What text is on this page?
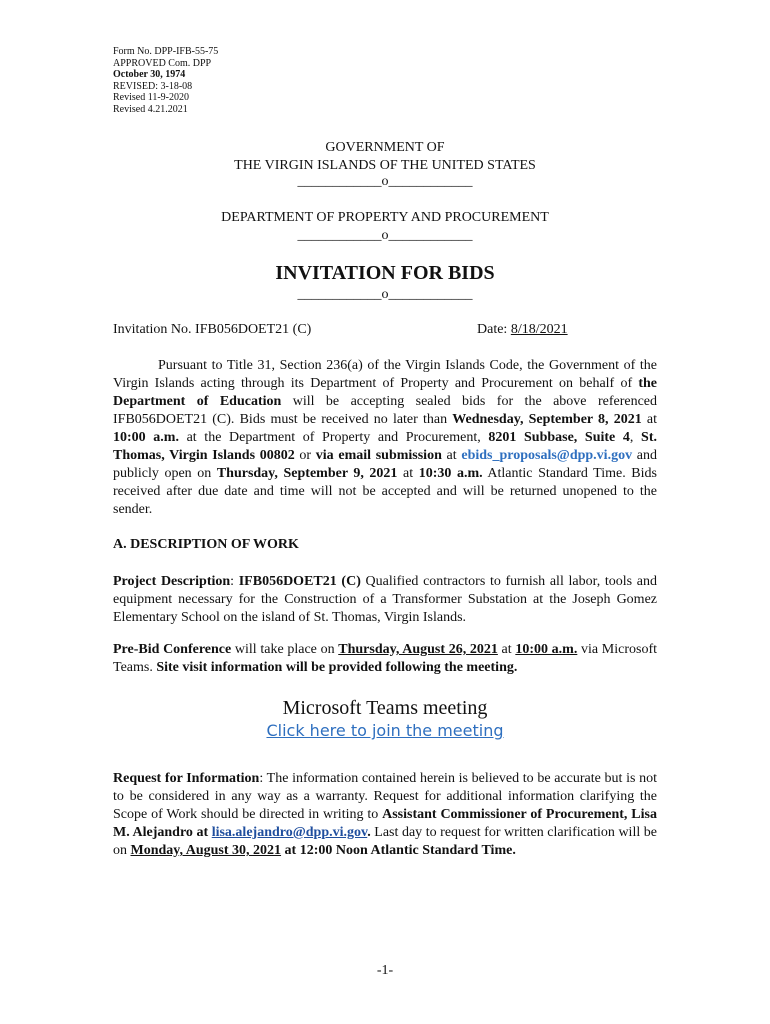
Form No. DPP-IFB-55-75
APPROVED Com. DPP
October 30, 1974
REVISED: 3-18-08
Revised 11-9-2020
Revised 4.21.2021
GOVERNMENT OF
THE VIRGIN ISLANDS OF THE UNITED STATES
____________o____________
DEPARTMENT OF PROPERTY AND PROCUREMENT
____________o____________
INVITATION FOR BIDS
____________o____________
Invitation No. IFB056DOET21 (C)	Date: 8/18/2021
Pursuant to Title 31, Section 236(a) of the Virgin Islands Code, the Government of the Virgin Islands acting through its Department of Property and Procurement on behalf of the Department of Education will be accepting sealed bids for the above referenced IFB056DOET21 (C). Bids must be received no later than Wednesday, September 8, 2021 at 10:00 a.m. at the Department of Property and Procurement, 8201 Subbase, Suite 4, St. Thomas, Virgin Islands 00802 or via email submission at ebids_proposals@dpp.vi.gov and publicly open on Thursday, September 9, 2021 at 10:30 a.m. Atlantic Standard Time. Bids received after due date and time will not be accepted and will be returned unopened to the sender.
A. DESCRIPTION OF WORK
Project Description: IFB056DOET21 (C) Qualified contractors to furnish all labor, tools and equipment necessary for the Construction of a Transformer Substation at the Joseph Gomez Elementary School on the island of St. Thomas, Virgin Islands.
Pre-Bid Conference will take place on Thursday, August 26, 2021 at 10:00 a.m. via Microsoft Teams. Site visit information will be provided following the meeting.
Microsoft Teams meeting
Click here to join the meeting
Request for Information: The information contained herein is believed to be accurate but is not to be considered in any way as a warranty. Request for additional information clarifying the Scope of Work should be directed in writing to Assistant Commissioner of Procurement, Lisa M. Alejandro at lisa.alejandro@dpp.vi.gov. Last day to request for written clarification will be on Monday, August 30, 2021 at 12:00 Noon Atlantic Standard Time.
-1-
